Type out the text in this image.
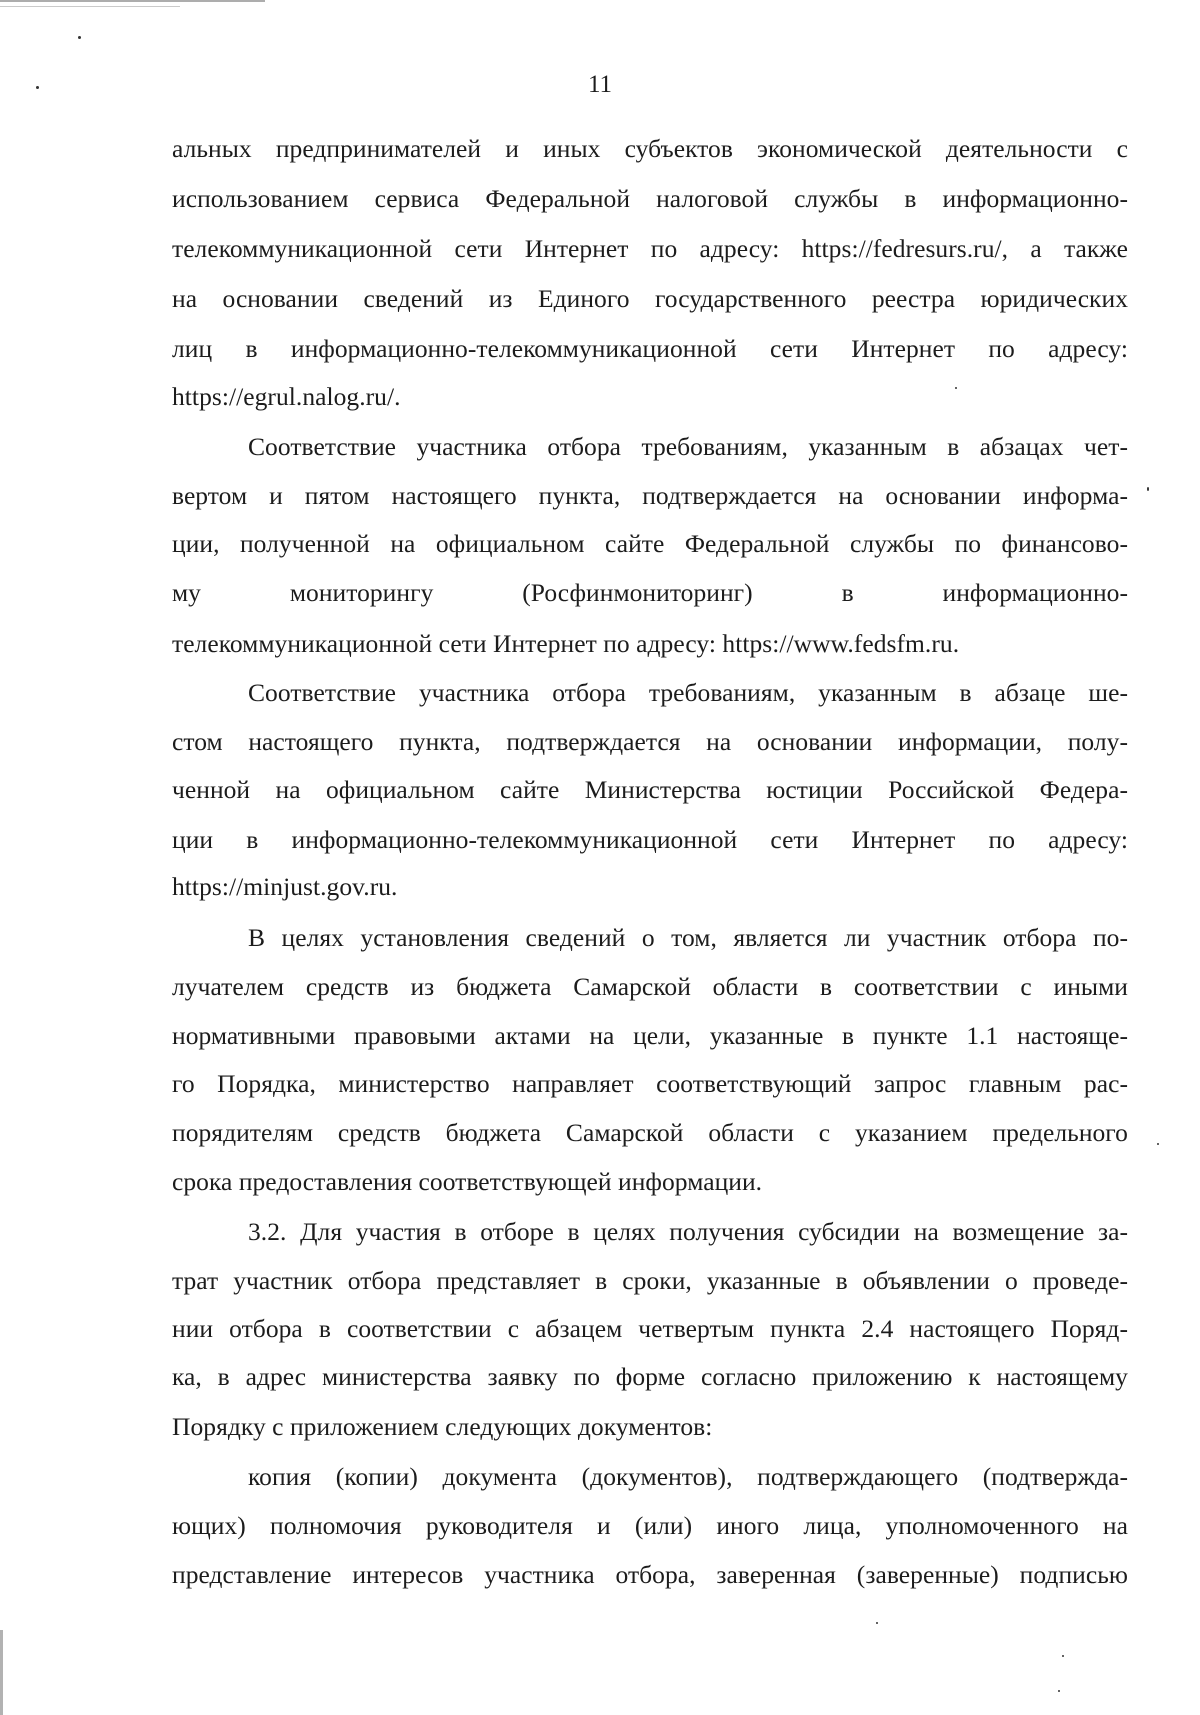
11
альных предпринимателей и иных субъектов экономической деятельности с
использованием сервиса Федеральной налоговой службы в информационно-
телекоммуникационной сети Интернет по адресу: https://fedresurs.ru/, а также
на основании сведений из Единого государственного реестра юридических
лиц в информационно-телекоммуникационной сети Интернет по адресу:
https://egrul.nalog.ru/.
Соответствие участника отбора требованиям, указанным в абзацах чет-
вертом и пятом настоящего пункта, подтверждается на основании информа-
ции, полученной на официальном сайте Федеральной службы по финансово-
му мониторингу (Росфинмониторинг) в информационно-
телекоммуникационной сети Интернет по адресу: https://www.fedsfm.ru.
Соответствие участника отбора требованиям, указанным в абзаце ше-
стом настоящего пункта, подтверждается на основании информации, полу-
ченной на официальном сайте Министерства юстиции Российской Федера-
ции в информационно-телекоммуникационной сети Интернет по адресу:
https://minjust.gov.ru.
В целях установления сведений о том, является ли участник отбора по-
лучателем средств из бюджета Самарской области в соответствии с иными
нормативными правовыми актами на цели, указанные в пункте 1.1 настояще-
го Порядка, министерство направляет соответствующий запрос главным рас-
порядителям средств бюджета Самарской области с указанием предельного
срока предоставления соответствующей информации.
3.2. Для участия в отборе в целях получения субсидии на возмещение за-
трат участник отбора представляет в сроки, указанные в объявлении о проведе-
нии отбора в соответствии с абзацем четвертым пункта 2.4 настоящего Поряд-
ка, в адрес министерства заявку по форме согласно приложению к настоящему
Порядку с приложением следующих документов:
копия (копии) документа (документов), подтверждающего (подтвержда-
ющих) полномочия руководителя и (или) иного лица, уполномоченного на
представление интересов участника отбора, заверенная (заверенные) подписью
